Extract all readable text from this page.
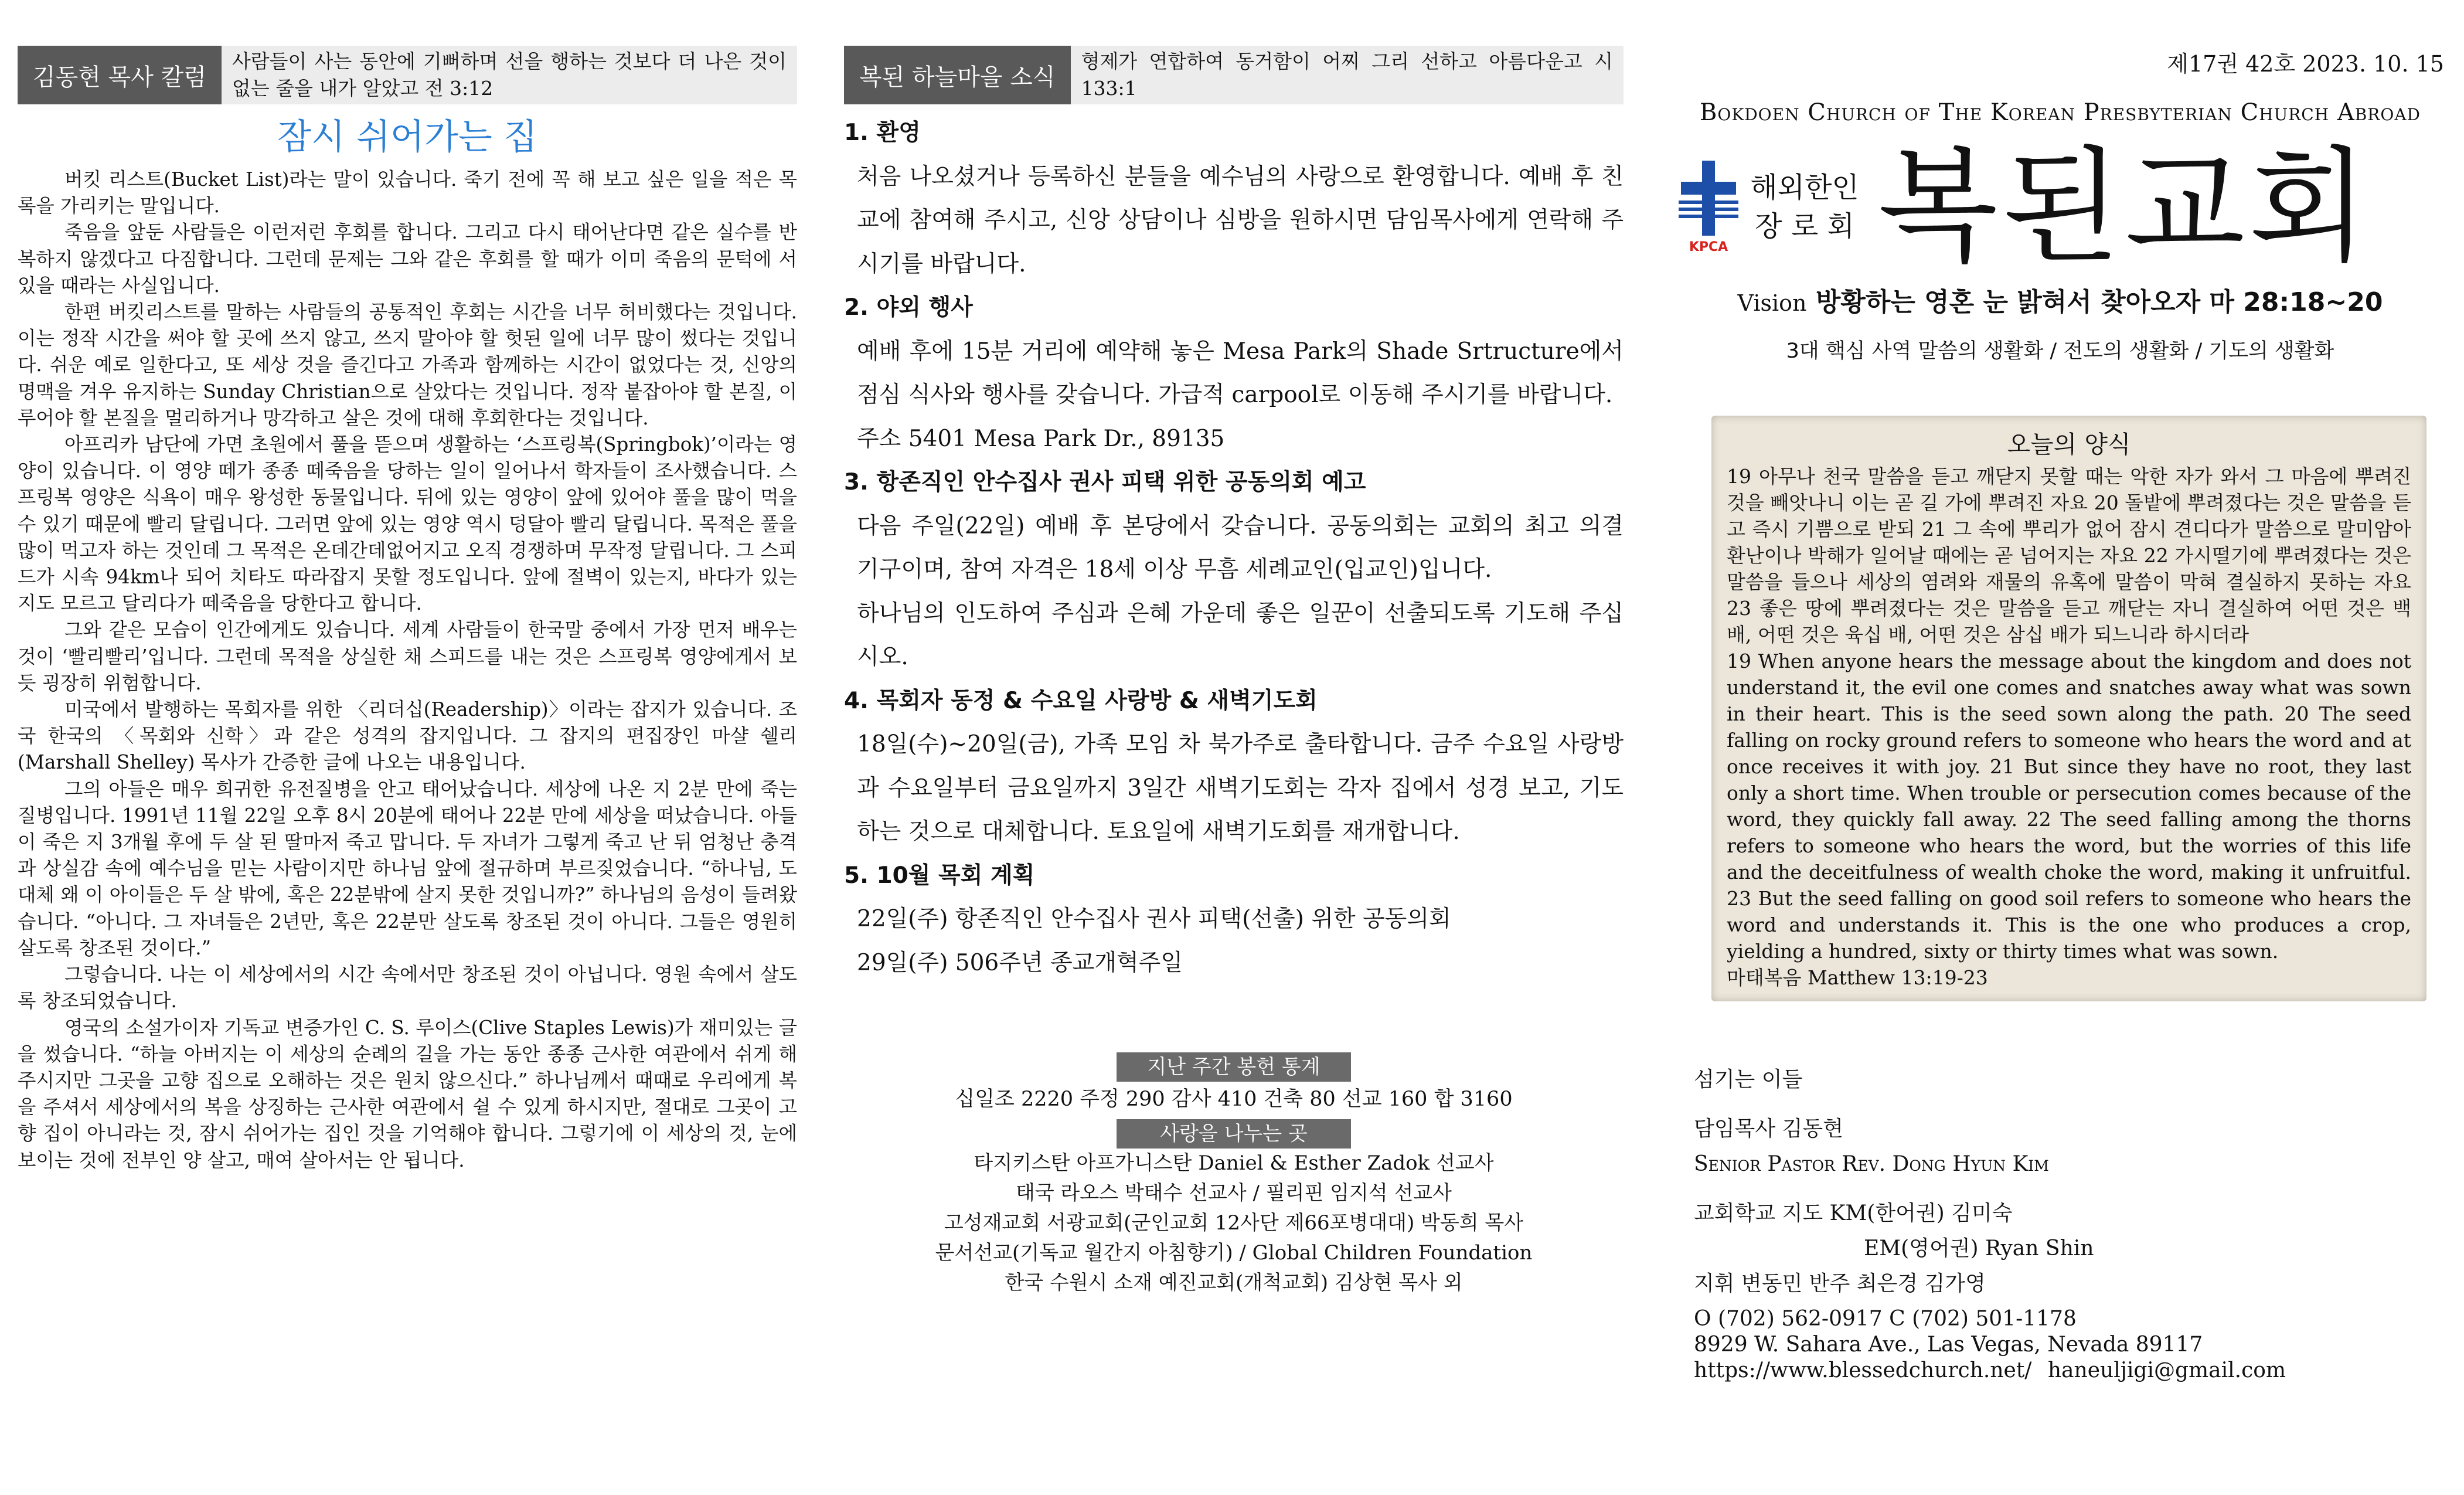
김동현 목사 칼럼
사람들이 사는 동안에 기뻐하며 선을 행하는 것보다 더 나은 것이 없는 줄을 내가 알았고 전 3:12
잠시 쉬어가는 집

버킷 리스트(Bucket List)라는 말이 있습니다. 죽기 전에 꼭 해 보고 싶은 일을 적은 목록을 가리키는 말입니다.

죽음을 앞둔 사람들은 이런저런 후회를 합니다. 그리고 다시 태어난다면 같은 실수를 반복하지 않겠다고 다짐합니다. 그런데 문제는 그와 같은 후회를 할 때가 이미 죽음의 문턱에 서 있을 때라는 사실입니다.

한편 버킷리스트를 말하는 사람들의 공통적인 후회는 시간을 너무 허비했다는 것입니다. 이는 정작 시간을 써야 할 곳에 쓰지 않고, 쓰지 말아야 할 헛된 일에 너무 많이 썼다는 것입니다. 쉬운 예로 일한다고, 또 세상 것을 즐긴다고 가족과 함께하는 시간이 없었다는 것, 신앙의 명맥을 겨우 유지하는 Sunday Christian으로 살았다는 것입니다. 정작 붙잡아야 할 본질, 이루어야 할 본질을 멀리하거나 망각하고 살은 것에 대해 후회한다는 것입니다.

아프리카 남단에 가면 초원에서 풀을 뜯으며 생활하는 ‘스프링복(Springbok)’이라는 영양이 있습니다. 이 영양 떼가 종종 떼죽음을 당하는 일이 일어나서 학자들이 조사했습니다. 스프링복 영양은 식욕이 매우 왕성한 동물입니다. 뒤에 있는 영양이 앞에 있어야 풀을 많이 먹을 수 있기 때문에 빨리 달립니다. 그러면 앞에 있는 영양 역시 덩달아 빨리 달립니다. 목적은 풀을 많이 먹고자 하는 것인데 그 목적은 온데간데없어지고 오직 경쟁하며 무작정 달립니다. 그 스피드가 시속 94km나 되어 치타도 따라잡지 못할 정도입니다. 앞에 절벽이 있는지, 바다가 있는지도 모르고 달리다가 떼죽음을 당한다고 합니다.

그와 같은 모습이 인간에게도 있습니다. 세계 사람들이 한국말 중에서 가장 먼저 배우는 것이 ‘빨리빨리’입니다. 그런데 목적을 상실한 채 스피드를 내는 것은 스프링복 영양에게서 보듯 굉장히 위험합니다.

미국에서 발행하는 목회자를 위한 〈리더십(Readership)〉이라는 잡지가 있습니다. 조국 한국의 〈목회와 신학〉과 같은 성격의 잡지입니다. 그 잡지의 편집장인 마샬 쉘리(Marshall Shelley) 목사가 간증한 글에 나오는 내용입니다.

그의 아들은 매우 희귀한 유전질병을 안고 태어났습니다. 세상에 나온 지 2분 만에 죽는 질병입니다. 1991년 11월 22일 오후 8시 20분에 태어나 22분 만에 세상을 떠났습니다. 아들이 죽은 지 3개월 후에 두 살 된 딸마저 죽고 맙니다. 두 자녀가 그렇게 죽고 난 뒤 엄청난 충격과 상실감 속에 예수님을 믿는 사람이지만 하나님 앞에 절규하며 부르짖었습니다. “하나님, 도대체 왜 이 아이들은 두 살 밖에, 혹은 22분밖에 살지 못한 것입니까?” 하나님의 음성이 들려왔습니다. “아니다. 그 자녀들은 2년만, 혹은 22분만 살도록 창조된 것이 아니다. 그들은 영원히 살도록 창조된 것이다.”

그렇습니다. 나는 이 세상에서의 시간 속에서만 창조된 것이 아닙니다. 영원 속에서 살도록 창조되었습니다.

영국의 소설가이자 기독교 변증가인 C. S. 루이스(Clive Staples Lewis)가 재미있는 글을 썼습니다. “하늘 아버지는 이 세상의 순례의 길을 가는 동안 종종 근사한 여관에서 쉬게 해주시지만 그곳을 고향 집으로 오해하는 것은 원치 않으신다.” 하나님께서 때때로 우리에게 복을 주셔서 세상에서의 복을 상징하는 근사한 여관에서 쉴 수 있게 하시지만, 절대로 그곳이 고향 집이 아니라는 것, 잠시 쉬어가는 집인 것을 기억해야 합니다. 그렇기에 이 세상의 것, 눈에 보이는 것에 전부인 양 살고, 매여 살아서는 안 됩니다.

복된 하늘마을 소식
형제가 연합하여 동거함이 어찌 그리 선하고 아름다운고 시 133:1
1. 환영
처음 나오셨거나 등록하신 분들을 예수님의 사랑으로 환영합니다. 예배 후 친교에 참여해 주시고, 신앙 상담이나 심방을 원하시면 담임목사에게 연락해 주시기를 바랍니다.
2. 야외 행사
예배 후에 15분 거리에 예약해 놓은 Mesa Park의 Shade Srtructure에서 점심 식사와 행사를 갖습니다. 가급적 carpool로 이동해 주시기를 바랍니다.
주소 5401 Mesa Park Dr., 89135
3. 항존직인 안수집사 권사 피택 위한 공동의회 예고
다음 주일(22일) 예배 후 본당에서 갖습니다. 공동의회는 교회의 최고 의결 기구이며, 참여 자격은 18세 이상 무흠 세례교인(입교인)입니다.
하나님의 인도하여 주심과 은혜 가운데 좋은 일꾼이 선출되도록 기도해 주십시오.
4. 목회자 동정 & 수요일 사랑방 & 새벽기도회
18일(수)~20일(금), 가족 모임 차 북가주로 출타합니다. 금주 수요일 사랑방과 수요일부터 금요일까지 3일간 새벽기도회는 각자 집에서 성경 보고, 기도하는 것으로 대체합니다. 토요일에 새벽기도회를 재개합니다.
5. 10월 목회 계획
22일(주) 항존직인 안수집사 권사 피택(선출) 위한 공동의회
29일(주) 506주년 종교개혁주일
지난 주간 봉헌 통계
십일조 2220 주정 290 감사 410 건축 80 선교 160 합 3160
사랑을 나누는 곳
타지키스탄 아프가니스탄 Daniel & Esther Zadok 선교사
태국 라오스 박태수 선교사 / 필리핀 임지석 선교사
고성재교회 서광교회(군인교회 12사단 제66포병대대) 박동희 목사
문서선교(기독교 월간지 아침향기) / Global Children Foundation
한국 수원시 소재 예진교회(개척교회) 김상현 목사 외
제17권 42호 2023. 10. 15
Bokdoen Church of The Korean Presbyterian Church Abroad
KPCA
해외한인
장 로 회 복된교회
Vision 방황하는 영혼 눈 밝혀서 찾아오자 마 28:18~20
3대 핵심 사역 말씀의 생활화 / 전도의 생활화 / 기도의 생활화
오늘의 양식
19 아무나 천국 말씀을 듣고 깨닫지 못할 때는 악한 자가 와서 그 마음에 뿌려진 것을 빼앗나니 이는 곧 길 가에 뿌려진 자요 20 돌밭에 뿌려졌다는 것은 말씀을 듣고 즉시 기쁨으로 받되 21 그 속에 뿌리가 없어 잠시 견디다가 말씀으로 말미암아 환난이나 박해가 일어날 때에는 곧 넘어지는 자요 22 가시떨기에 뿌려졌다는 것은 말씀을 들으나 세상의 염려와 재물의 유혹에 말씀이 막혀 결실하지 못하는 자요 23 좋은 땅에 뿌려졌다는 것은 말씀을 듣고 깨닫는 자니 결실하여 어떤 것은 백 배, 어떤 것은 육십 배, 어떤 것은 삼십 배가 되느니라 하시더라
19 When anyone hears the message about the kingdom and does not understand it, the evil one comes and snatches away what was sown in their heart. This is the seed sown along the path. 20 The seed falling on rocky ground refers to someone who hears the word and at once receives it with joy. 21 But since they have no root, they last only a short time. When trouble or persecution comes because of the word, they quickly fall away. 22 The seed falling among the thorns refers to someone who hears the word, but the worries of this life and the deceitfulness of wealth choke the word, making it unfruitful. 23 But the seed falling on good soil refers to someone who hears the word and understands it. This is the one who produces a crop, yielding a hundred, sixty or thirty times what was sown.
마태복음 Matthew 13:19-23
섬기는 이들
담임목사 김동현
Senior Pastor Rev. Dong Hyun Kim
교회학교 지도 KM(한어권) 김미숙
EM(영어권) Ryan Shin
지휘 변동민 반주 최은경 김가영
O (702) 562-0917 C (702) 501-1178
8929 W. Sahara Ave., Las Vegas, Nevada 89117
https://www.blessedchurch.net/ haneuljigi@gmail.com
